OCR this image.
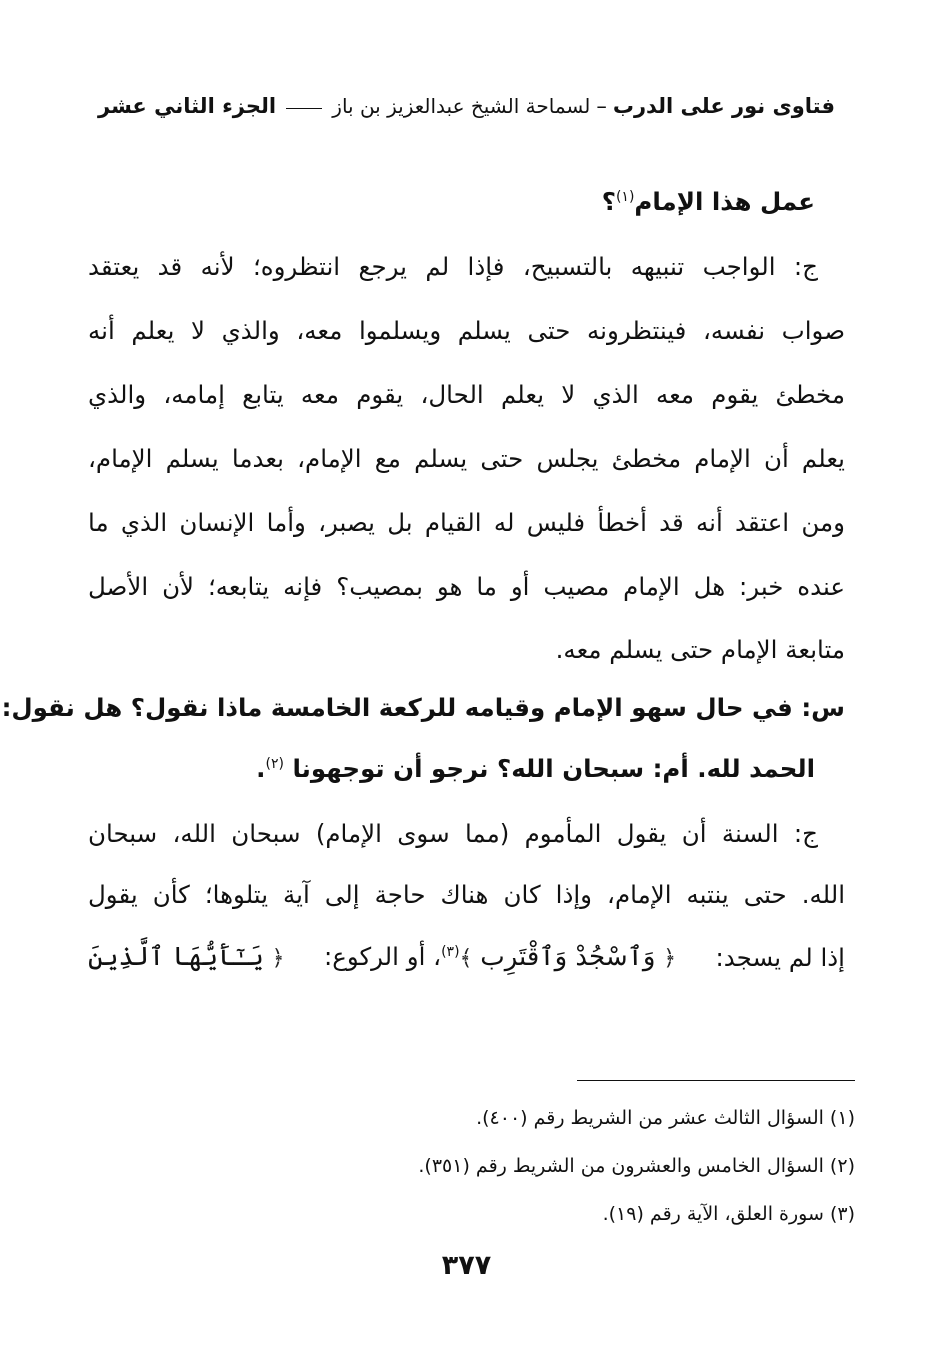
فتاوى نور على الدرب
–
لسماحة الشيخ عبدالعزيز بن باز
الجزء الثاني عشر
عمل هذا الإمام$^{(١)}$؟
ج: الواجب تنبيهه بالتسبيح، فإذا لم يرجع انتظروه؛ لأنه قد يعتقد
صواب نفسه، فينتظرونه حتى يسلم ويسلموا معه، والذي لا يعلم أنه
مخطئ يقوم معه الذي لا يعلم الحال، يقوم معه يتابع إمامه، والذي
يعلم أن الإمام مخطئ يجلس حتى يسلم مع الإمام، بعدما يسلم الإمام،
ومن اعتقد أنه قد أخطأ فليس له القيام بل يصبر، وأما الإنسان الذي ما
عنده خبر: هل الإمام مصيب أو ما هو بمصيب؟ فإنه يتابعه؛ لأن الأصل
متابعة الإمام حتى يسلم معه.
س: في حال سهو الإمام وقيامه للركعة الخامسة ماذا نقول؟ هل نقول:
الحمد لله. أم: سبحان الله؟ نرجو أن توجهونا $^{(٢)}$.
ج: السنة أن يقول المأموم (مما سوى الإمام) سبحان الله، سبحان
الله. حتى ينتبه الإمام، وإذا كان هناك حاجة إلى آية يتلوها؛ كأن يقول
إذا لم يسجد:
﴿ وَٱسْجُدْ وَٱقْتَرِب ﴾$^{(٣)}$، أو الركوع:
﴿ يَـٰٓأَيُّهَا ٱلَّذِينَ
(١) السؤال الثالث عشر من الشريط رقم (٤٠٠).
(٢) السؤال الخامس والعشرون من الشريط رقم (٣٥١).
(٣) سورة العلق، الآية رقم (١٩).
٣٧٧
